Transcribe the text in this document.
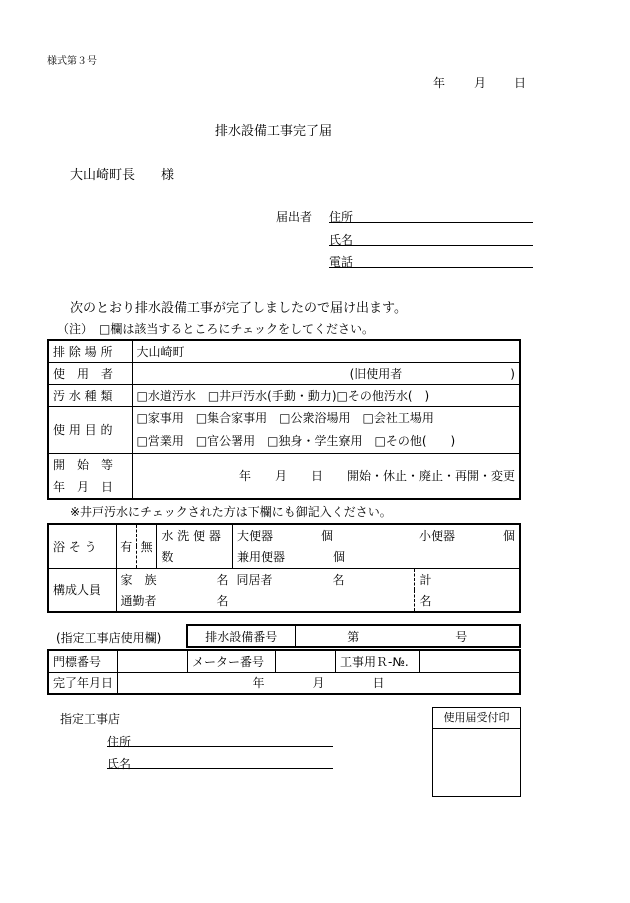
様式第３号
年 月 日
排水設備工事完了届
大山崎町長　　様
届出者 住所
氏名
電話
次のとおり排水設備工事が完了しましたので届け出ます。
（注）　□欄は該当するところにチェックをしてください。
排 除 場 所	大山崎町
使　用　者	(旧使用者　　　　　　　　　)
汚 水 種 類	□水道汚水　□井戸汚水(手動・動力)□その他汚水(　)
使 用 目 的	□家事用　□集合家事用　□公衆浴場用　□会社工場用
□営業用　□官公署用　□独身・学生寮用　□その他(　　)

開　始　等
年　月　日	年　　月　　日　　開始・休止・廃止・再開・変更
※井戸汚水にチェックされた方は下欄にも御記入ください。
浴 そ う	有	無	水 洗 便 器	大便器　　　　個	小便器　　　　個
			数	兼用便器　　　　個	
構成人員	家　族　　　　　名			同居者　　　　　名	計
	通勤者　　　　　名				名
(指定工事店使用欄)	排水設備番号	第　　　　　　　　号
門標番号		メーター番号		工事用Ｒ-№.	
完了年月日	年　　　　月　　　　日				
指定工事店
住所
氏名
使用届受付印
